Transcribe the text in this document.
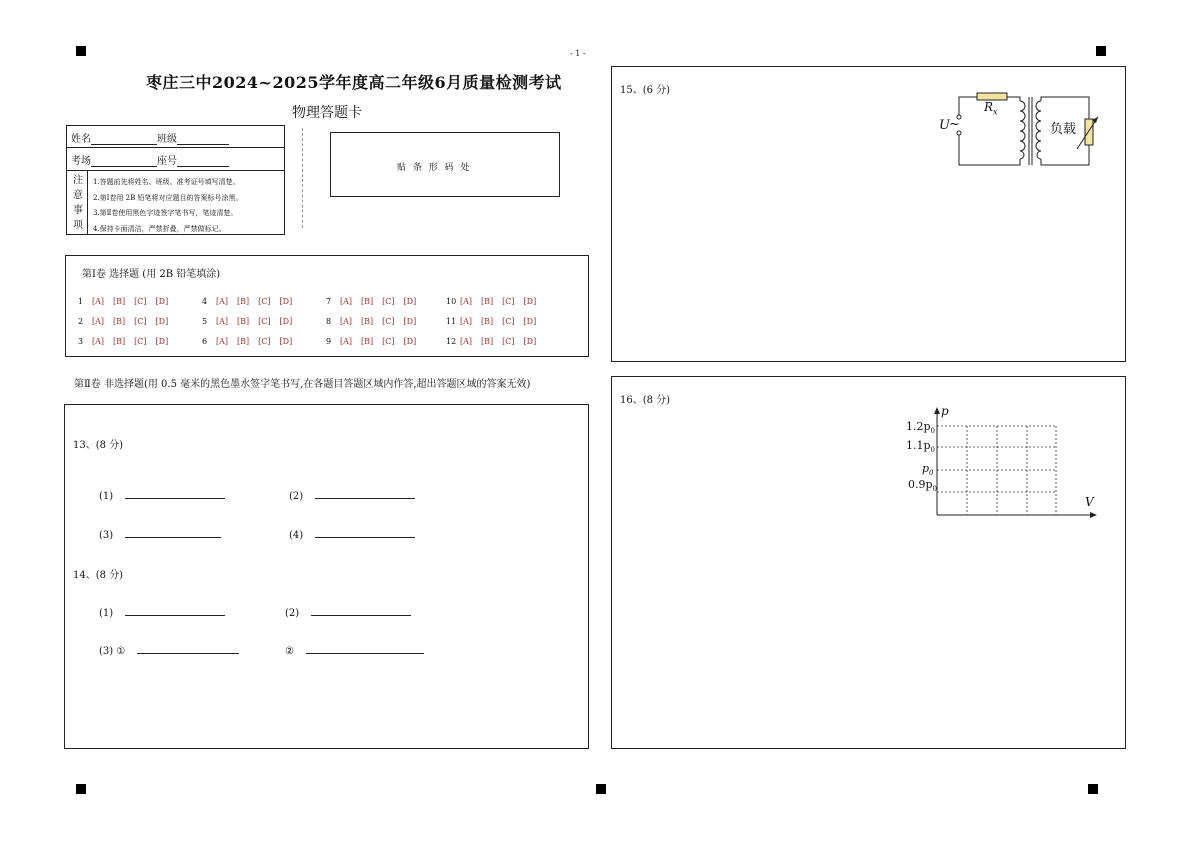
- 1 -
枣庄三中2024~2025学年度高二年级6月质量检测考试
物理答题卡
姓名	班级
考场	座号
注
意
事
项
1.答题前先将姓名、班级、准考证号填写清楚。
2.第Ⅰ卷用 2B 铅笔将对应题目的答案标号涂黑。
3.第Ⅱ卷使用黑色字迹签字笔书写，笔迹清楚。
4.保持卡面清洁，严禁折叠，严禁做标记。
贴 条 形 码 处
第Ⅰ卷 选择题 (用 2B 铅笔填涂)
1 [A] [B] [C] [D]
2 [A] [B] [C] [D]
3 [A] [B] [C] [D]
4 [A] [B] [C] [D]
5 [A] [B] [C] [D]
6 [A] [B] [C] [D]
7 [A] [B] [C] [D]
8 [A] [B] [C] [D]
9 [A] [B] [C] [D]
10 [A] [B] [C] [D]
11 [A] [B] [C] [D]
12 [A] [B] [C] [D]
第Ⅱ卷 非选择题(用 0.5 毫米的黑色墨水签字笔书写,在各题目答题区域内作答,超出答题区域的答案无效)
13、(8 分)
(1)	(2)
(3)	(4)
14、(8 分)
(1)	(2)
(3) ①	②
15、(6 分)
U ~
$R_x$
负载
16、(8 分)
p
V
$1.2p_0$
$1.1p_0$
$p_0$
$0.9p_0$
